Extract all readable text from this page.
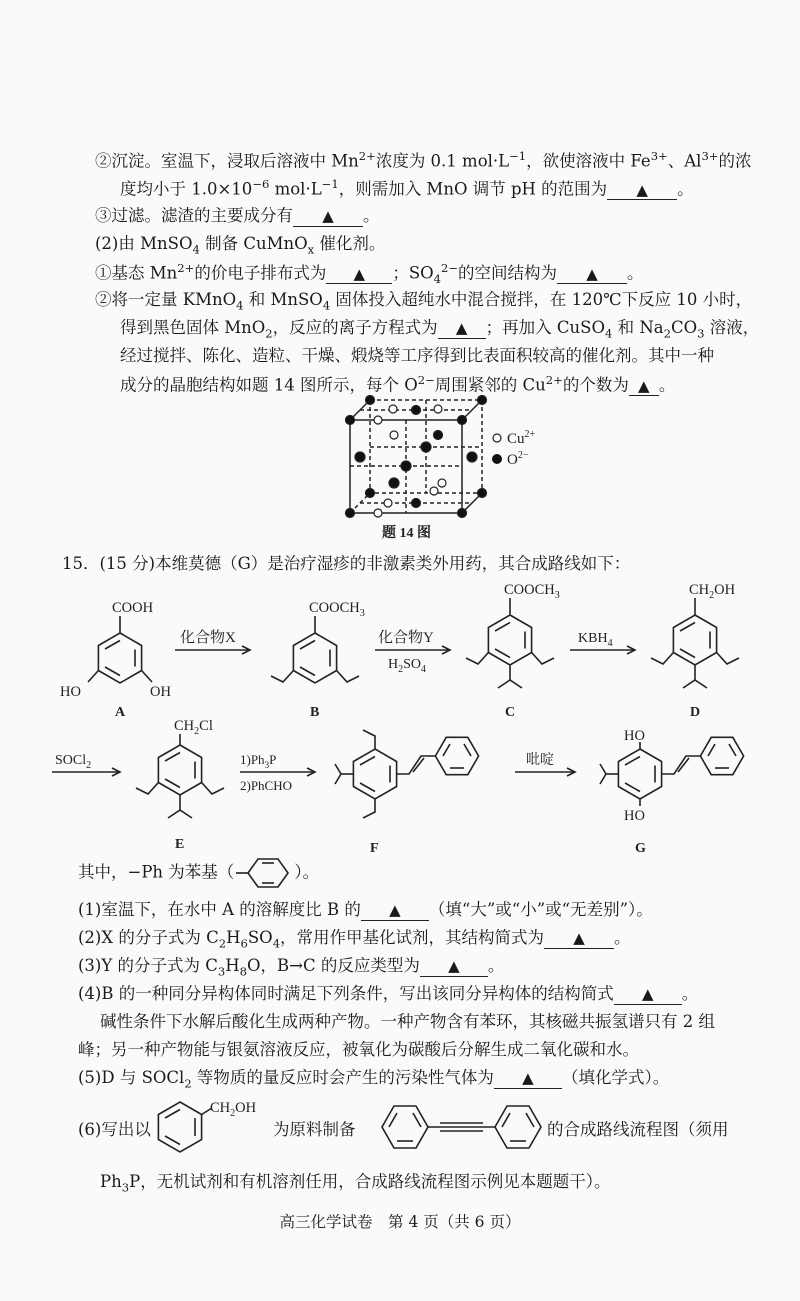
②沉淀。室温下，浸取后溶液中 $Mn^{2+}$浓度为 0.1 $mol\cdot L^{-1}$，欲使溶液中 $Fe^{3+}$、$Al^{3+}$的浓
度均小于 $1.0\times 10^{-6}$ $mol\cdot L^{-1}$，则需加入 MnO 调节 pH 的范围为 ▲	。
③过滤。滤渣的主要成分有 ▲	。
(2)由 MnSO$_4$ 制备 CuMnO$_x$ 催化剂。
①基态 $Mn^{2+}$的价电子排布式为 ▲	；$SO_4^{2-}$的空间结构为 ▲	。
②将一定量 KMnO$_4$ 和 MnSO$_4$ 固体投入超纯水中混合搅拌，在 120℃下反应 10 小时，
得到黑色固体 MnO$_2$，反应的离子方程式为 ▲	；再加入 CuSO$_4$ 和 $Na_2CO_3$ 溶液，
经过搅拌、陈化、造粒、干燥、煅烧等工序得到比表面积较高的催化剂。其中一种
成分的晶胞结构如题 14 图所示，每个 $O^{2-}$周围紧邻的 $Cu^{2+}$的个数为 ▲ 。
$Cu^{2+}$
$O^{2-}$
题 14 图
15．(15 分)本维莫德（G）是治疗湿疹的非激素类外用药，其合成路线如下：
COOH
HO	OH
A
化合物X
$COOCH_3$
B
化合物Y
$H_2SO_4$
$COOCH_3$
C
$KBH_4$
$CH_2OH$
D
SOCl$_2$
$CH_2Cl$
E
$1)Ph_3P$
2)PhCHO
F
吡啶
HO
HO
G
其中，−Ph 为苯基（	）。
(1)室温下，在水中 A 的溶解度比 B 的 ▲	（填“大”或“小”或“无差别”）。
(2)X 的分子式为 $C_2H_6SO_4$，常用作甲基化试剂，其结构简式为 ▲	。
(3)Y 的分子式为 $C_3H_8O$，B→C 的反应类型为 ▲	。
(4)B 的一种同分异构体同时满足下列条件，写出该同分异构体的结构简式 ▲	。
碱性条件下水解后酸化生成两种产物。一种产物含有苯环，其核磁共振氢谱只有 2 组
峰；另一种产物能与银氨溶液反应，被氧化为碳酸后分解生成二氧化碳和水。
(5)D 与 SOCl$_2$ 等物质的量反应时会产生的污染性气体为 ▲	（填化学式）。
(6)写出以
$CH_2OH$
为原料制备	的合成路线流程图（须用
$Ph_3P$，无机试剂和有机溶剂任用，合成路线流程图示例见本题题干）。
高三化学试卷　第 4 页（共 6 页）
